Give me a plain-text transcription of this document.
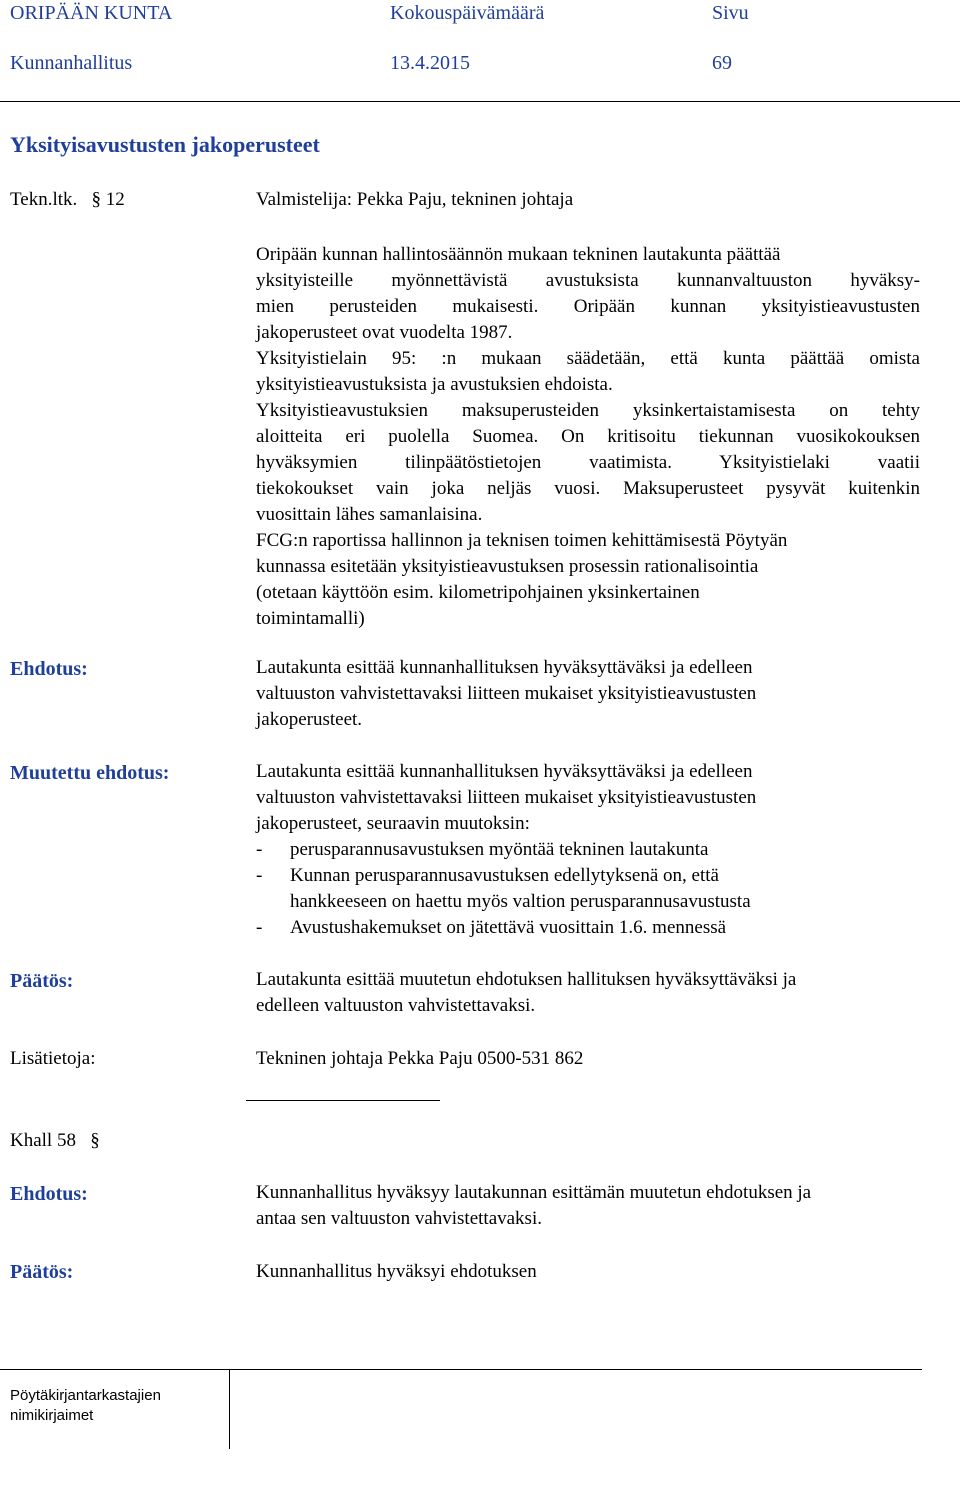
ORIPÄÄN KUNTA	Kokouspäivämäärä	Sivu
Kunnanhallitus	13.4.2015	69
Yksityisavustusten jakoperusteet
Tekn.ltk. § 12	Valmistelija: Pekka Paju, tekninen johtaja
Oripään kunnan hallintosäännön mukaan tekninen lautakunta päättää
yksityisteille myönnettävistä avustuksista kunnanvaltuuston hyväksy-
mien perusteiden mukaisesti. Oripään kunnan yksityistieavustusten
jakoperusteet ovat vuodelta 1987.
Yksityistielain 95: :n mukaan säädetään, että kunta päättää omista
yksityistieavustuksista ja avustuksien ehdoista.
Yksityistieavustuksien maksuperusteiden yksinkertaistamisesta on tehty
aloitteita eri puolella Suomea. On kritisoitu tiekunnan vuosikokouksen
hyväksymien tilinpäätöstietojen vaatimista. Yksityistielaki vaatii
tiekokoukset vain joka neljäs vuosi. Maksuperusteet pysyvät kuitenkin
vuosittain lähes samanlaisina.
FCG:n raportissa hallinnon ja teknisen toimen kehittämisestä Pöytyän
kunnassa esitetään yksityistieavustuksen prosessin rationalisointia
(otetaan käyttöön esim. kilometripohjainen yksinkertainen
toimintamalli)
Ehdotus:	Lautakunta esittää kunnanhallituksen hyväksyttäväksi ja edelleen
valtuuston vahvistettavaksi liitteen mukaiset yksityistieavustusten
jakoperusteet.
Muutettu ehdotus:	Lautakunta esittää kunnanhallituksen hyväksyttäväksi ja edelleen
valtuuston vahvistettavaksi liitteen mukaiset yksityistieavustusten
jakoperusteet, seuraavin muutoksin:
- perusparannusavustuksen myöntää tekninen lautakunta
- Kunnan perusparannusavustuksen edellytyksenä on, että
hankkeeseen on haettu myös valtion perusparannusavustusta
- Avustushakemukset on jätettävä vuosittain 1.6. mennessä
Päätös:	Lautakunta esittää muutetun ehdotuksen hallituksen hyväksyttäväksi ja
edelleen valtuuston vahvistettavaksi.
Lisätietoja:	Tekninen johtaja Pekka Paju 0500-531 862
Khall 58 §
Ehdotus:	Kunnanhallitus hyväksyy lautakunnan esittämän muutetun ehdotuksen ja
antaa sen valtuuston vahvistettavaksi.
Päätös:	Kunnanhallitus hyväksyi ehdotuksen
Pöytäkirjantarkastajien
nimikirjaimet
